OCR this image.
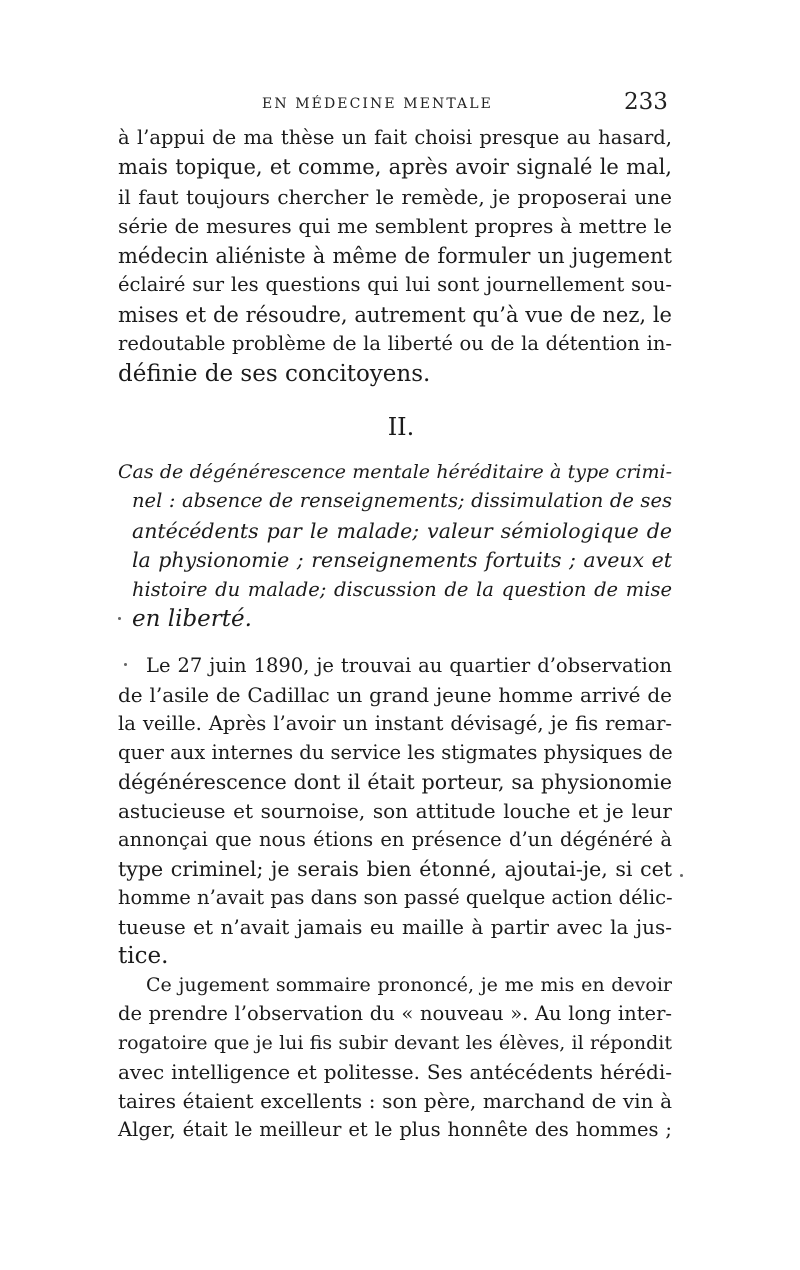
EN MÉDECINE MENTALE	233
à l’appui de ma thèse un fait choisi presque au hasard,
mais topique, et comme, après avoir signalé le mal,
il faut toujours chercher le remède, je proposerai une
série de mesures qui me semblent propres à mettre le
médecin aliéniste à même de formuler un jugement
éclairé sur les questions qui lui sont journellement sou-
mises et de résoudre, autrement qu’à vue de nez, le
redoutable problème de la liberté ou de la détention in-
définie de ses concitoyens.
II.
Cas de dégénérescence mentale héréditaire à type crimi-
nel : absence de renseignements; dissimulation de ses
antécédents par le malade; valeur sémiologique de
la physionomie ; renseignements fortuits ; aveux et
histoire du malade; discussion de la question de mise
en liberté.
Le 27 juin 1890, je trouvai au quartier d’observation
de l’asile de Cadillac un grand jeune homme arrivé de
la veille. Après l’avoir un instant dévisagé, je fis remar-
quer aux internes du service les stigmates physiques de
dégénérescence dont il était porteur, sa physionomie
astucieuse et sournoise, son attitude louche et je leur
annonçai que nous étions en présence d’un dégénéré à
type criminel; je serais bien étonné, ajoutai-je, si cet
homme n’avait pas dans son passé quelque action délic-
tueuse et n’avait jamais eu maille à partir avec la jus-
tice.
Ce jugement sommaire prononcé, je me mis en devoir
de prendre l’observation du « nouveau ». Au long inter-
rogatoire que je lui fis subir devant les élèves, il répondit
avec intelligence et politesse. Ses antécédents hérédi-
taires étaient excellents : son père, marchand de vin à
Alger, était le meilleur et le plus honnête des hommes ;
